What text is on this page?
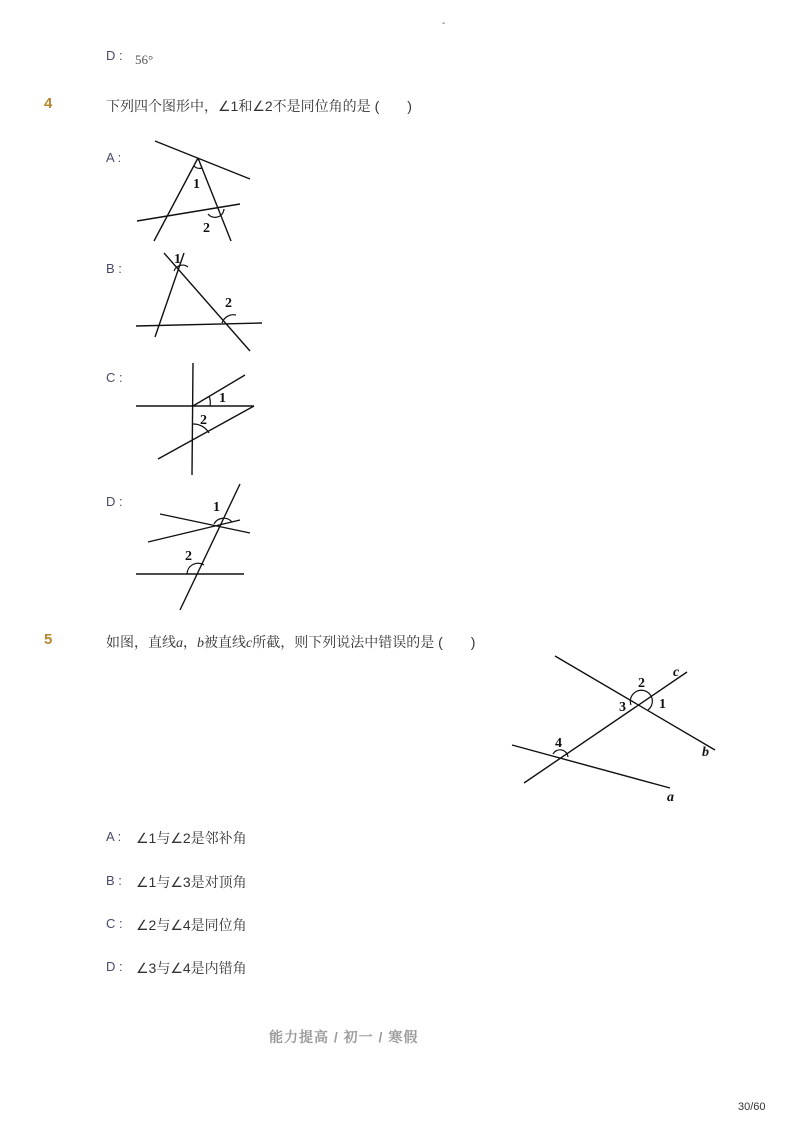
-
D : 56°
4	下列四个图形中，∠1和∠2不是同位角的是 (　　)
A :
1
2
B :
1
2
C :
1
2
D :	1
2
5	如图，直线a，b被直线c所截，则下列说法中错误的是 (　　)
c
b
a
2
3 1
4
A : ∠1与∠2是邻补角
B : ∠1与∠3是对顶角
C : ∠2与∠4是同位角
D : ∠3与∠4是内错角
能力提高 / 初一 / 寒假
30/60
